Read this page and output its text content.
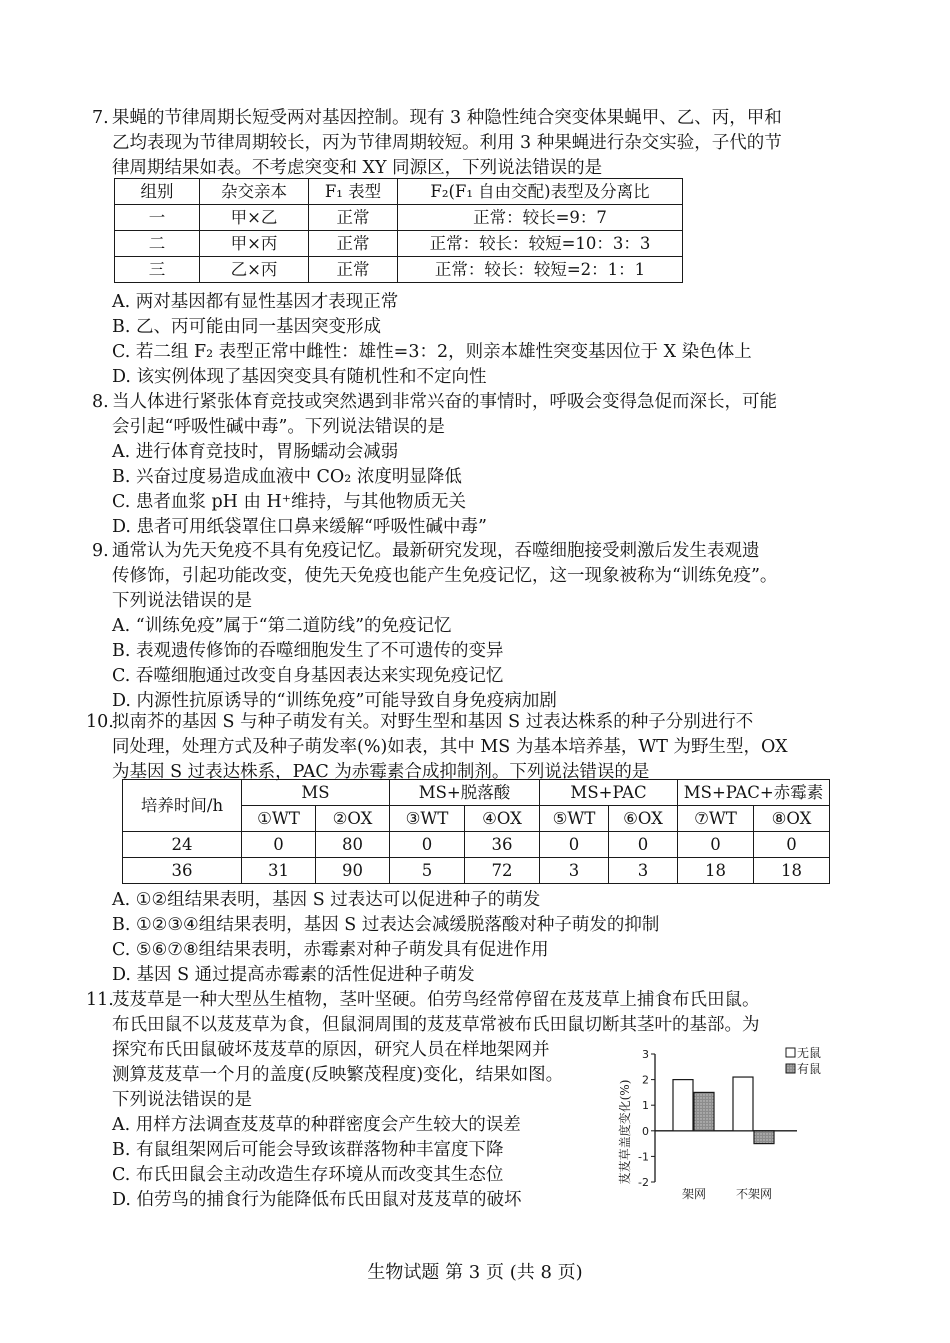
7. 果蝇的节律周期长短受两对基因控制。现有 3 种隐性纯合突变体果蝇甲、乙、丙，甲和
乙均表现为节律周期较长，丙为节律周期较短。利用 3 种果蝇进行杂交实验，子代的节
律周期结果如表。不考虑突变和 XY 同源区，下列说法错误的是
组别	杂交亲本	F₁ 表型	F₂(F₁ 自由交配)表型及分离比
一	甲×乙	正常	正常：较长=9：7
二	甲×丙	正常	正常：较长：较短=10：3：3
三	乙×丙	正常	正常：较长：较短=2：1：1
A. 两对基因都有显性基因才表现正常
B. 乙、丙可能由同一基因突变形成
C. 若二组 F₂ 表型正常中雌性：雄性=3：2，则亲本雄性突变基因位于 X 染色体上
D. 该实例体现了基因突变具有随机性和不定向性
8. 当人体进行紧张体育竞技或突然遇到非常兴奋的事情时，呼吸会变得急促而深长，可能
会引起“呼吸性碱中毒”。下列说法错误的是
A. 进行体育竞技时，胃肠蠕动会减弱
B. 兴奋过度易造成血液中 CO₂ 浓度明显降低
C. 患者血浆 pH 由 H⁺维持，与其他物质无关
D. 患者可用纸袋罩住口鼻来缓解“呼吸性碱中毒”
9. 通常认为先天免疫不具有免疫记忆。最新研究发现，吞噬细胞接受刺激后发生表观遗
传修饰，引起功能改变，使先天免疫也能产生免疫记忆，这一现象被称为“训练免疫”。
下列说法错误的是
A. “训练免疫”属于“第二道防线”的免疫记忆
B. 表观遗传修饰的吞噬细胞发生了不可遗传的变异
C. 吞噬细胞通过改变自身基因表达来实现免疫记忆
D. 内源性抗原诱导的“训练免疫”可能导致自身免疫病加剧
10.拟南芥的基因 S 与种子萌发有关。对野生型和基因 S 过表达株系的种子分别进行不
同处理，处理方式及种子萌发率(%)如表，其中 MS 为基本培养基，WT 为野生型，OX
为基因 S 过表达株系，PAC 为赤霉素合成抑制剂。下列说法错误的是
培养时间/h	MS		MS+脱落酸		MS+PAC		MS+PAC+赤霉素	
	①WT	②OX	③WT	④OX	⑤WT	⑥OX	⑦WT	⑧OX
24	0	80	0	36	0	0	0	0
36	31	90	5	72	3	3	18	18
A. ①②组结果表明，基因 S 过表达可以促进种子的萌发
B. ①②③④组结果表明，基因 S 过表达会减缓脱落酸对种子萌发的抑制
C. ⑤⑥⑦⑧组结果表明，赤霉素对种子萌发具有促进作用
D. 基因 S 通过提高赤霉素的活性促进种子萌发
11.芨芨草是一种大型丛生植物，茎叶坚硬。伯劳鸟经常停留在芨芨草上捕食布氏田鼠。
布氏田鼠不以芨芨草为食，但鼠洞周围的芨芨草常被布氏田鼠切断其茎叶的基部。为
探究布氏田鼠破坏芨芨草的原因，研究人员在样地架网并
测算芨芨草一个月的盖度(反映繁茂程度)变化，结果如图。
下列说法错误的是
A. 用样方法调查芨芨草的种群密度会产生较大的误差
B. 有鼠组架网后可能会导致该群落物种丰富度下降
C. 布氏田鼠会主动改造生存环境从而改变其生态位
D. 伯劳鸟的捕食行为能降低布氏田鼠对芨芨草的破坏
芨芨草盖度变化(%)
3
2
1
0
-1
-2
无鼠
有鼠
架网 不架网
生物试题 第 3 页 (共 8 页)
